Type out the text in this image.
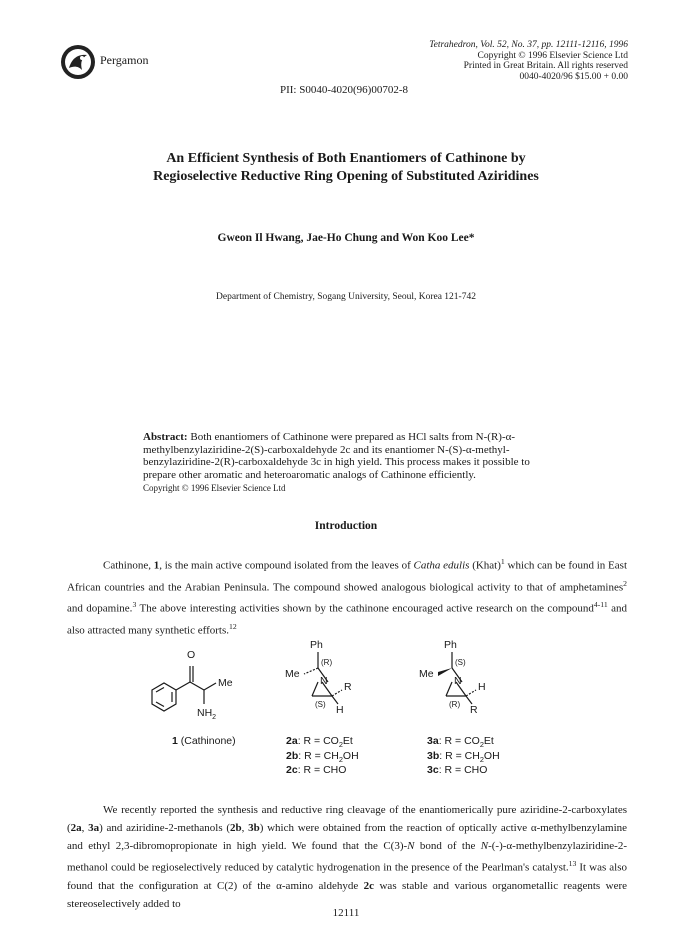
Pergamon
Tetrahedron, Vol. 52, No. 37, pp. 12111-12116, 1996
Copyright © 1996 Elsevier Science Ltd
Printed in Great Britain. All rights reserved
0040-4020/96 $15.00 + 0.00
PII: S0040-4020(96)00702-8
An Efficient Synthesis of Both Enantiomers of Cathinone by
Regioselective Reductive Ring Opening of Substituted Aziridines
Gweon Il Hwang, Jae-Ho Chung and Won Koo Lee*
Department of Chemistry, Sogang University, Seoul, Korea 121-742
Abstract: Both enantiomers of Cathinone were prepared as HCl salts from N-(R)-α-methylbenzylaziridine-2(S)-carboxaldehyde 2c and its enantiomer N-(S)-α-methyl-benzylaziridine-2(R)-carboxaldehyde 3c in high yield. This process makes it possible to prepare other aromatic and heteroaromatic analogs of Cathinone efficiently.
Copyright © 1996 Elsevier Science Ltd
Introduction
Cathinone, 1, is the main active compound isolated from the leaves of Catha edulis (Khat)$^1$ which can be found in East African countries and the Arabian Peninsula. The compound showed analogous biological activity to that of amphetamines$^2$ and dopamine.$^3$ The above interesting activities shown by the cathinone encouraged active research on the compound$^{4-11}$ and also attracted many synthetic efforts.$^{12}$
O
Me
$NH_2$
Ph
(R)
Me
N R
(S) H
Ph
(S)
Me
N H
(R) R
1 (Cathinone)	2a: $R = CO_2Et$
2b: $R = CH_2OH$
2c: R = CHO
3a: $R = CO_2Et$
3b: $R = CH_2OH$
3c: R = CHO
We recently reported the synthesis and reductive ring cleavage of the enantiomerically pure aziridine-2-carboxylates (2a, 3a) and aziridine-2-methanols (2b, 3b) which were obtained from the reaction of optically active α-methylbenzylamine and ethyl 2,3-dibromopropionate in high yield. We found that the C(3)-N bond of the N-(-)-α-methylbenzylaziridine-2-methanol could be regioselectively reduced by catalytic hydrogenation in the presence of the Pearlman's catalyst.$^{13}$ It was also found that the configuration at C(2) of the α-amino aldehyde 2c was stable and various organometallic reagents were stereoselectively added to
12111
